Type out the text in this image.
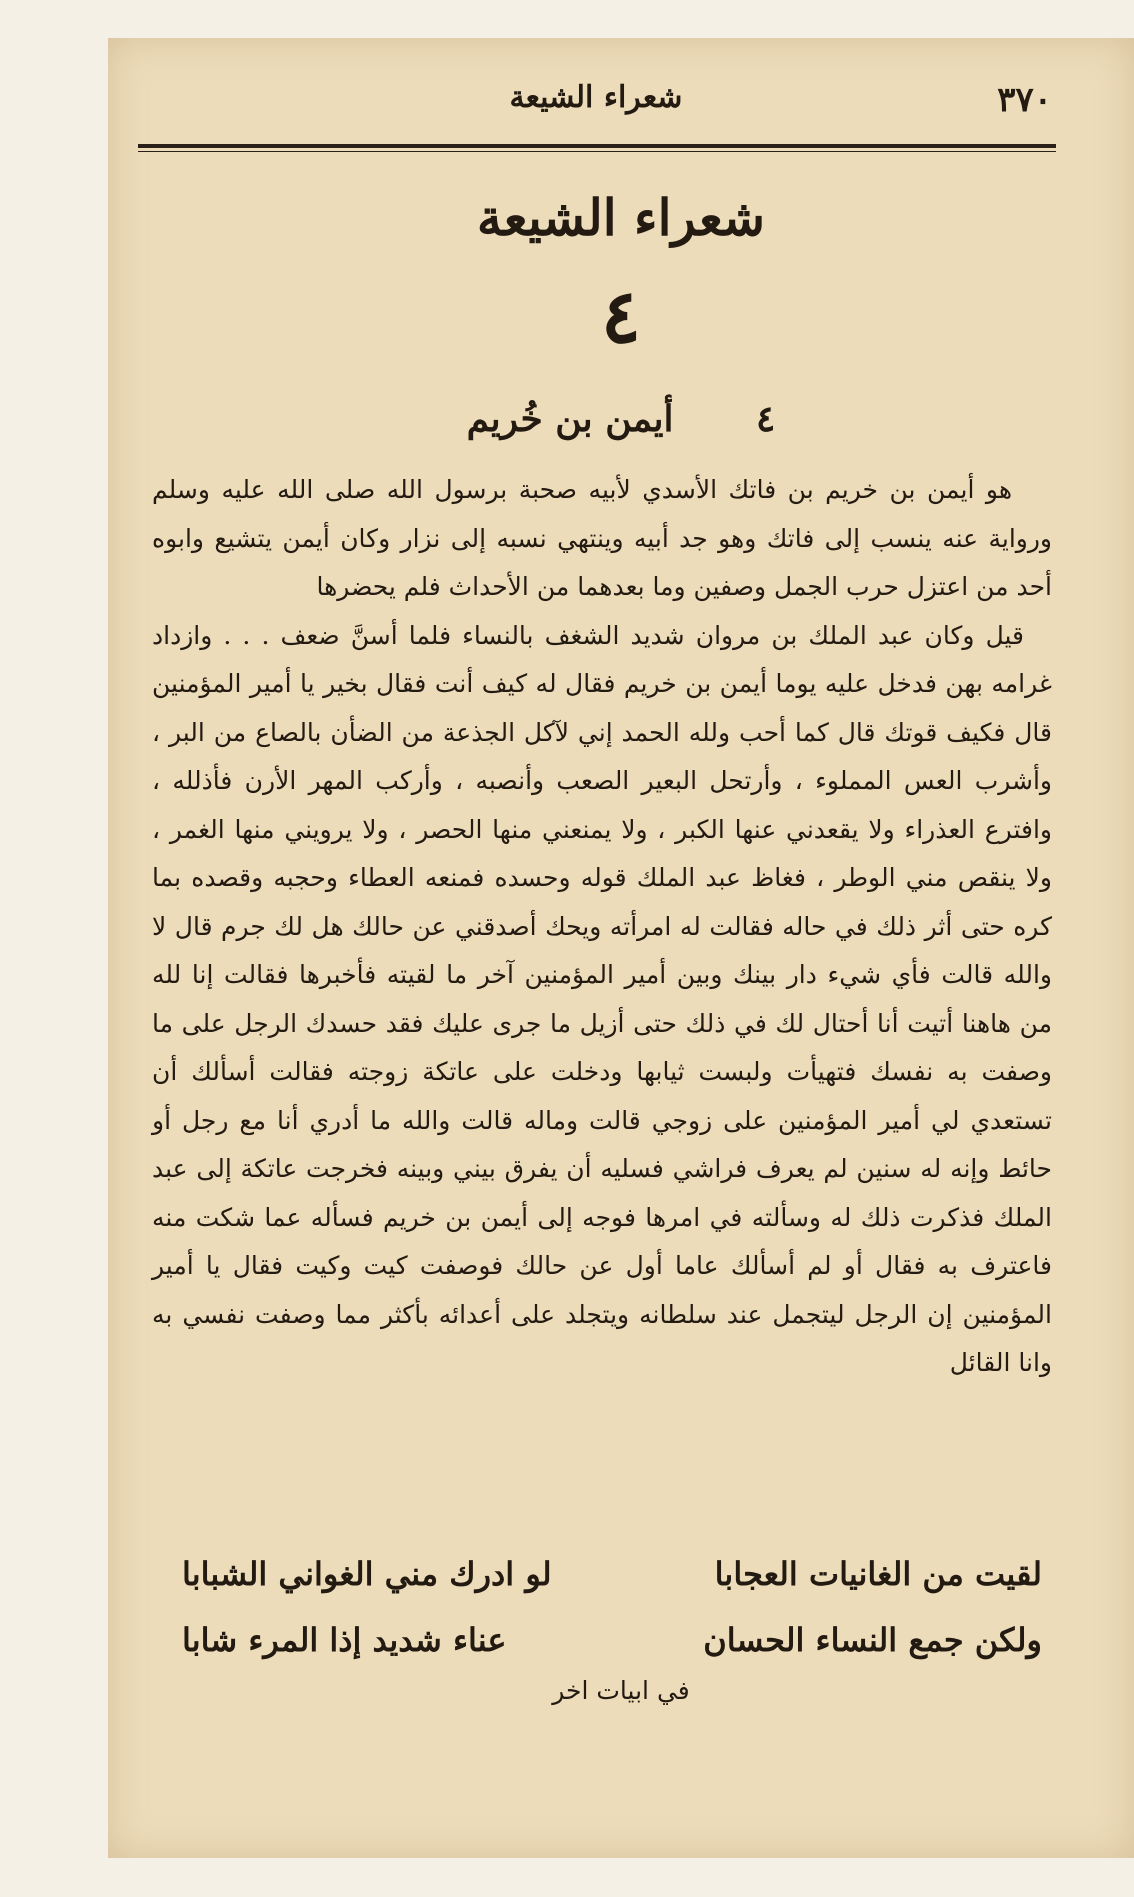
٣٧٠
شعراء الشيعة
شعراء الشيعة
٤
٤ أيمن بن خُريم

هو أيمن بن خريم بن فاتك الأسدي لأبيه صحبة برسول الله صلى الله عليه وسلم ورواية عنه ينسب إلى فاتك وهو جد أبيه وينتهي نسبه إلى نزار وكان أيمن يتشيع وابوه أحد من اعتزل حرب الجمل وصفين وما بعدهما من الأحداث فلم يحضرها

قيل وكان عبد الملك بن مروان شديد الشغف بالنساء فلما أسنَّ ضعف . . . وازداد غرامه بهن فدخل عليه يوما أيمن بن خريم فقال له كيف أنت فقال بخير يا أمير المؤمنين قال فكيف قوتك قال كما أحب ولله الحمد إني لآكل الجذعة من الضأن بالصاع من البر ، وأشرب العس المملوء ، وأرتحل البعير الصعب وأنصبه ، وأركب المهر الأرن فأذلله ، وافترع العذراء ولا يقعدني عنها الكبر ، ولا يمنعني منها الحصر ، ولا يرويني منها الغمر ، ولا ينقص مني الوطر ، فغاظ عبد الملك قوله وحسده فمنعه العطاء وحجبه وقصده بما كره حتى أثر ذلك في حاله فقالت له امرأته ويحك أصدقني عن حالك هل لك جرم قال لا والله قالت فأي شيء دار بينك وبين أمير المؤمنين آخر ما لقيته فأخبرها فقالت إنا لله من هاهنا أتيت أنا أحتال لك في ذلك حتى أزيل ما جرى عليك فقد حسدك الرجل على ما وصفت به نفسك فتهيأت ولبست ثيابها ودخلت على عاتكة زوجته فقالت أسألك أن تستعدي لي أمير المؤمنين على زوجي قالت وماله قالت والله ما أدري أنا مع رجل أو حائط وإنه له سنين لم يعرف فراشي فسليه أن يفرق بيني وبينه فخرجت عاتكة إلى عبد الملك فذكرت ذلك له وسألته في امرها فوجه إلى أيمن بن خريم فسأله عما شكت منه فاعترف به فقال أو لم أسألك عاما أول عن حالك فوصفت كيت وكيت فقال يا أمير المؤمنين إن الرجل ليتجمل عند سلطانه ويتجلد على أعدائه بأكثر مما وصفت نفسي به وانا القائل

لقيت من الغانيات العجابا
لو ادرك مني الغواني الشبابا
ولكن جمع النساء الحسان
عناء شديد إذا المرء شابا
في ابيات اخر
